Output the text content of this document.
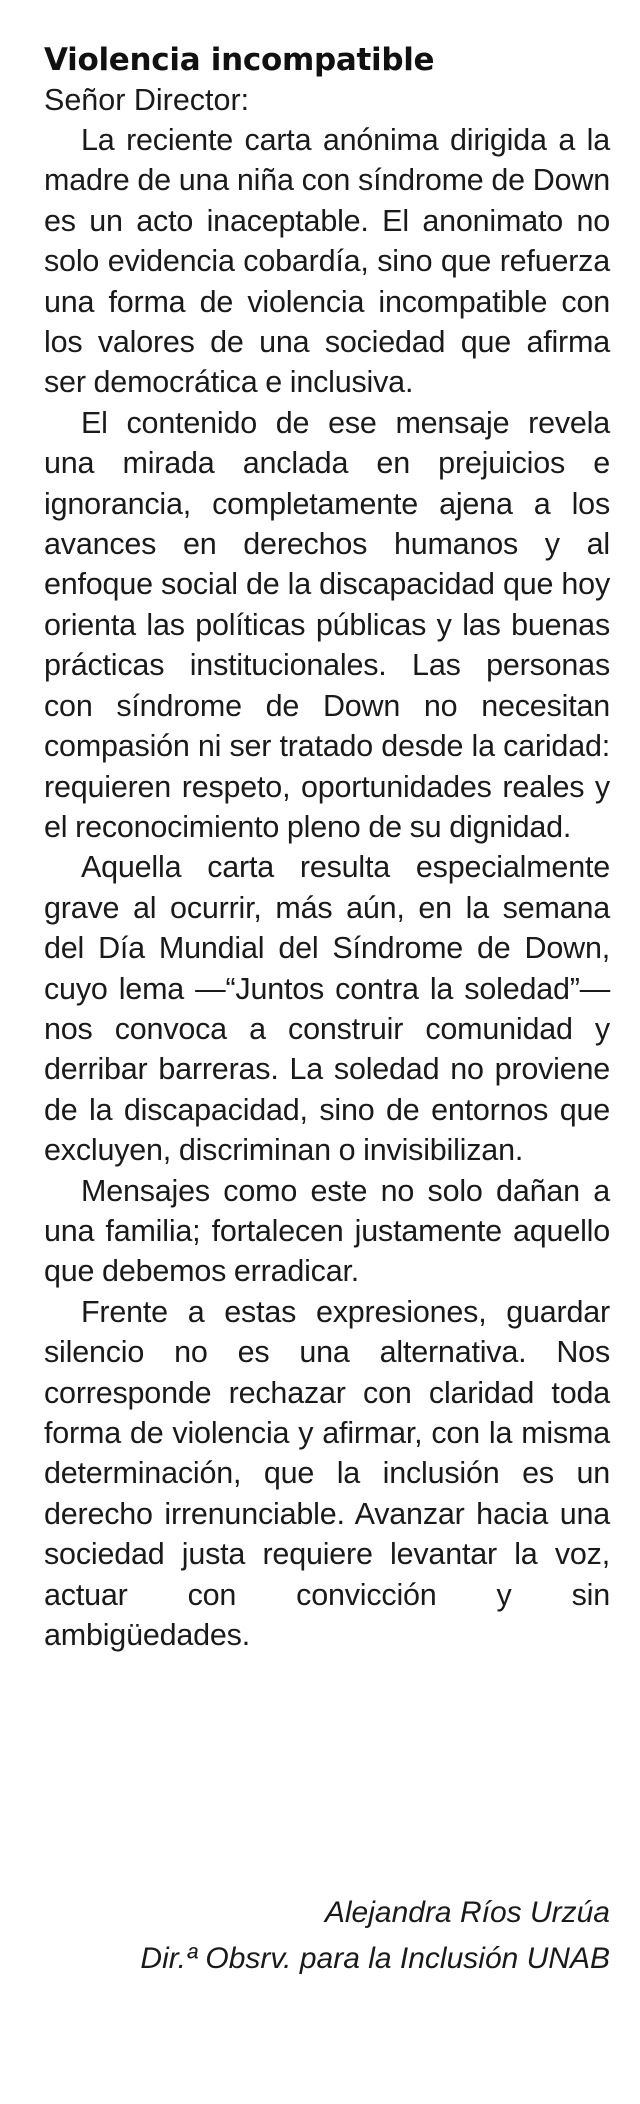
Violencia incompatible

Señor Director:

La reciente carta anónima dirigida a la madre de una niña con síndrome de Down es un acto inaceptable. El anonimato no solo evidencia cobardía, sino que refuerza una forma de violencia incompatible con los valores de una sociedad que afirma ser democrática e inclusiva.

El contenido de ese mensaje revela una mirada anclada en prejuicios e ignorancia, completamente ajena a los avances en derechos humanos y al enfoque social de la discapacidad que hoy orienta las políticas públicas y las buenas prácticas institucionales. Las personas con síndrome de Down no necesitan compasión ni ser tratado desde la caridad: requieren respeto, oportunidades reales y el reconocimiento pleno de su dignidad.

Aquella carta resulta especialmente grave al ocurrir, más aún, en la semana del Día Mundial del Síndrome de Down, cuyo lema —“Juntos contra la soledad”— nos convoca a construir comunidad y derribar barreras. La soledad no proviene de la discapacidad, sino de entornos que excluyen, discriminan o invisibilizan.

Mensajes como este no solo dañan a una familia; fortalecen justamente aquello que debemos erradicar.

Frente a estas expresiones, guardar silencio no es una alternativa. Nos corresponde rechazar con claridad toda forma de violencia y afirmar, con la misma determinación, que la inclusión es un derecho irrenunciable. Avanzar hacia una sociedad justa requiere levantar la voz, actuar con convicción y sin ambigüedades.

Alejandra Ríos Urzúa
Dir.ª Obsrv. para la Inclusión UNAB
